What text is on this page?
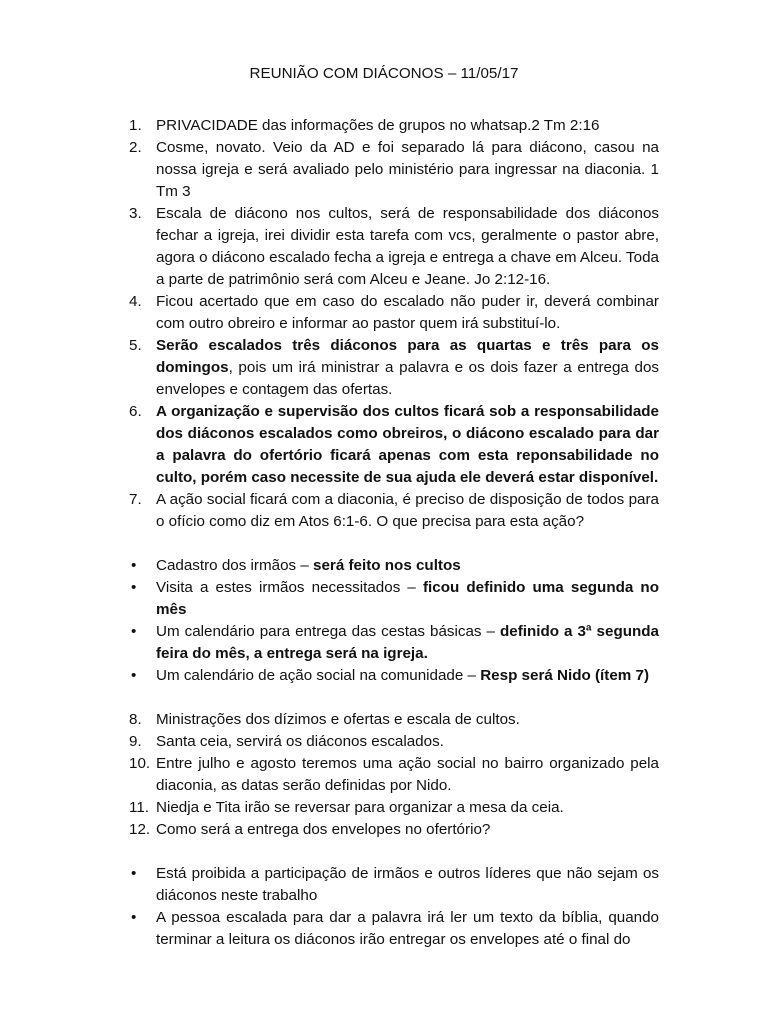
REUNIÃO COM DIÁCONOS – 11/05/17
1. PRIVACIDADE das informações de grupos no whatsap.2 Tm 2:16
2. Cosme, novato. Veio da AD e foi separado lá para diácono, casou na nossa igreja e será avaliado pelo ministério para ingressar na diaconia. 1 Tm 3
3. Escala de diácono nos cultos, será de responsabilidade dos diáconos fechar a igreja, irei dividir esta tarefa com vcs, geralmente o pastor abre, agora o diácono escalado fecha a igreja e entrega a chave em Alceu. Toda a parte de patrimônio será com Alceu e Jeane. Jo 2:12-16.
4. Ficou acertado que em caso do escalado não puder ir, deverá combinar com outro obreiro e informar ao pastor quem irá substituí-lo.
5. Serão escalados três diáconos para as quartas e três para os domingos, pois um irá ministrar a palavra e os dois fazer a entrega dos envelopes e contagem das ofertas.
6. A organização e supervisão dos cultos ficará sob a responsabilidade dos diáconos escalados como obreiros, o diácono escalado para dar a palavra do ofertório ficará apenas com esta reponsabilidade no culto, porém caso necessite de sua ajuda ele deverá estar disponível.
7. A ação social ficará com a diaconia, é preciso de disposição de todos para o ofício como diz em Atos 6:1-6. O que precisa para esta ação?
• Cadastro dos irmãos – será feito nos cultos
• Visita a estes irmãos necessitados – ficou definido uma segunda no mês
• Um calendário para entrega das cestas básicas – definido a 3ª segunda feira do mês, a entrega será na igreja.
• Um calendário de ação social na comunidade – Resp será Nido (ítem 7)
8. Ministrações dos dízimos e ofertas e escala de cultos.
9. Santa ceia, servirá os diáconos escalados.
10. Entre julho e agosto teremos uma ação social no bairro organizado pela diaconia, as datas serão definidas por Nido.
11. Niedja e Tita irão se reversar para organizar a mesa da ceia.
12. Como será a entrega dos envelopes no ofertório?
• Está proibida a participação de irmãos e outros líderes que não sejam os diáconos neste trabalho
• A pessoa escalada para dar a palavra irá ler um texto da bíblia, quando terminar a leitura os diáconos irão entregar os envelopes até o final do
